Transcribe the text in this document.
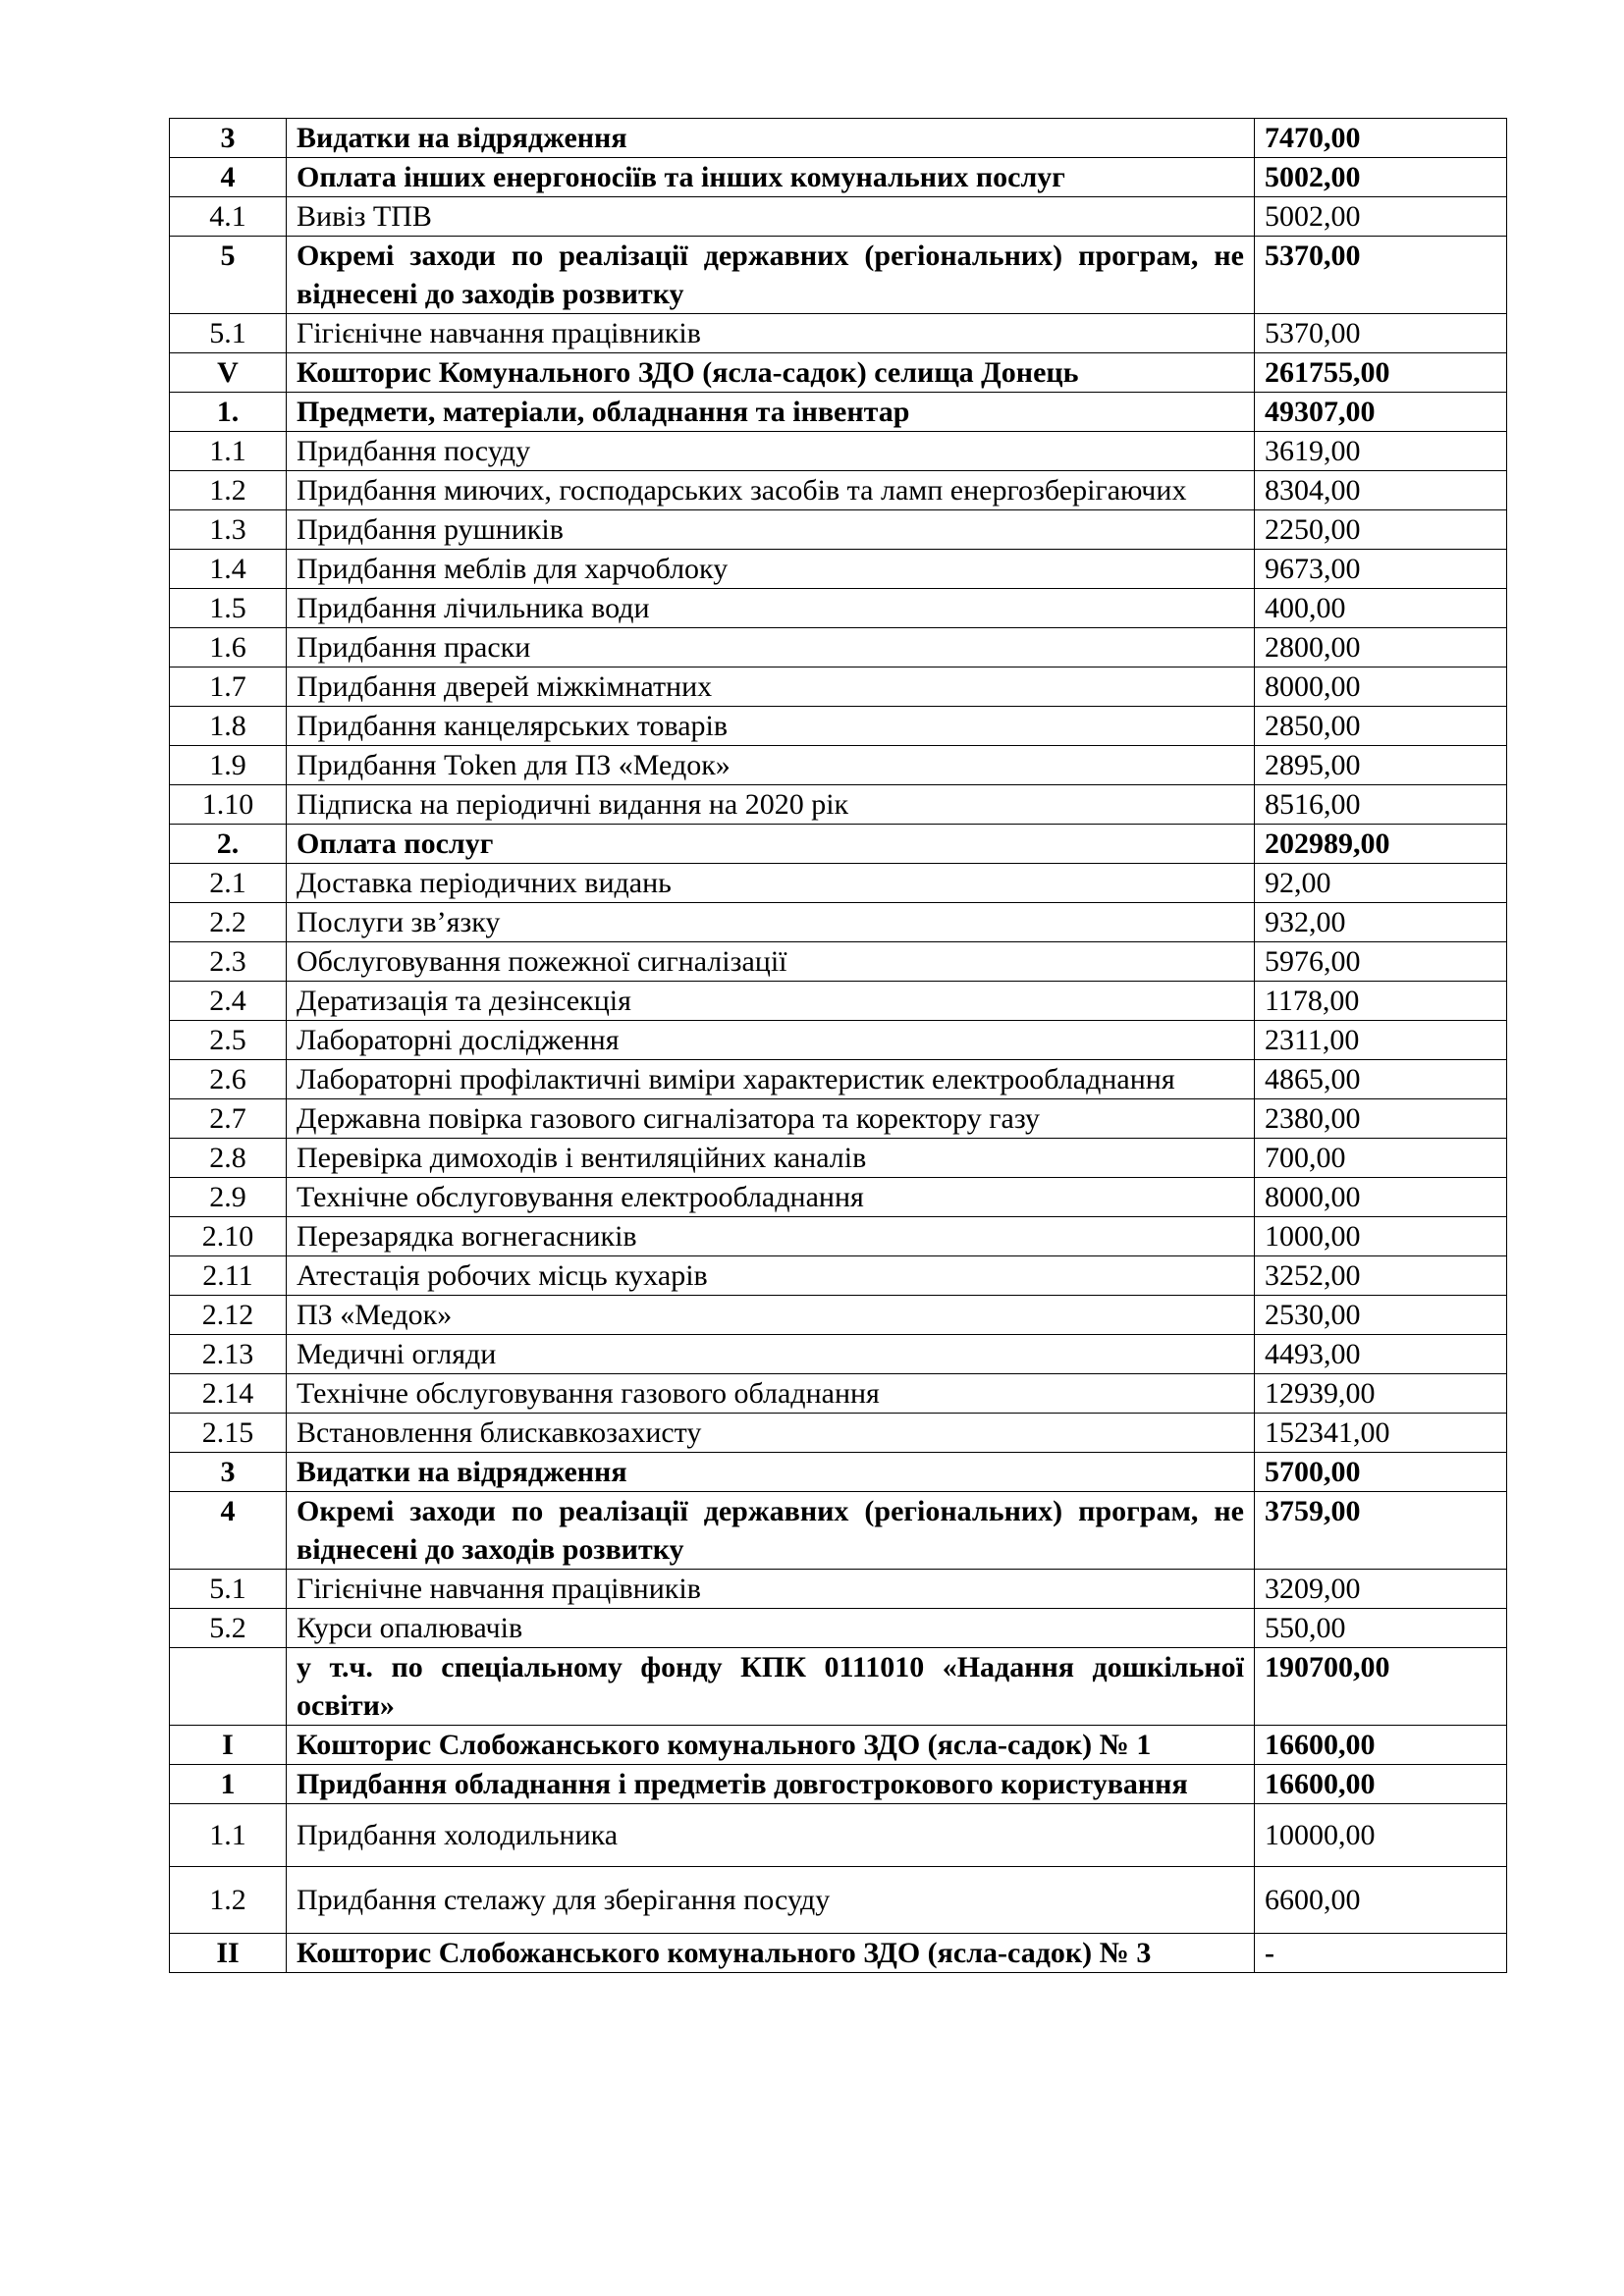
3	Видатки на відрядження	7470,00
4	Оплата інших енергоносіїв та інших комунальних послуг	5002,00
4.1	Вивіз ТПВ	5002,00
5	Окремі заходи по реалізації державних (регіональних) програм, не віднесені до заходів розвитку	5370,00
5.1	Гігієнічне навчання працівників	5370,00
V	Кошторис Комунального ЗДО (ясла-садок) селища Донець	261755,00
1.	Предмети, матеріали, обладнання та інвентар	49307,00
1.1	Придбання посуду	3619,00
1.2	Придбання миючих, господарських засобів та ламп енергозберігаючих	8304,00
1.3	Придбання рушників	2250,00
1.4	Придбання меблів для харчоблоку	9673,00
1.5	Придбання лічильника води	400,00
1.6	Придбання праски	2800,00
1.7	Придбання дверей міжкімнатних	8000,00
1.8	Придбання канцелярських товарів	2850,00
1.9	Придбання Token для ПЗ «Медок»	2895,00
1.10	Підписка на періодичні видання на 2020 рік	8516,00
2.	Оплата послуг	202989,00
2.1	Доставка періодичних видань	92,00
2.2	Послуги зв’язку	932,00
2.3	Обслуговування пожежної сигналізації	5976,00
2.4	Дератизація та дезінсекція	1178,00
2.5	Лабораторні дослідження	2311,00
2.6	Лабораторні профілактичні виміри характеристик електрообладнання	4865,00
2.7	Державна повірка газового сигналізатора та коректору газу	2380,00
2.8	Перевірка димоходів і вентиляційних каналів	700,00
2.9	Технічне обслуговування електрообладнання	8000,00
2.10	Перезарядка вогнегасників	1000,00
2.11	Атестація робочих місць кухарів	3252,00
2.12	ПЗ «Медок»	2530,00
2.13	Медичні огляди	4493,00
2.14	Технічне обслуговування газового обладнання	12939,00
2.15	Встановлення блискавкозахисту	152341,00
3	Видатки на відрядження	5700,00
4	Окремі заходи по реалізації державних (регіональних) програм, не віднесені до заходів розвитку	3759,00
5.1	Гігієнічне навчання працівників	3209,00
5.2	Курси опалювачів	550,00
	у т.ч. по спеціальному фонду КПК 0111010 «Надання дошкільної освіти»	190700,00
I	Кошторис Слобожанського комунального ЗДО (ясла-садок) № 1	16600,00
1	Придбання обладнання і предметів довгострокового користування	16600,00
1.1	Придбання холодильника	10000,00
1.2	Придбання стелажу для зберігання посуду	6600,00
II	Кошторис Слобожанського комунального ЗДО (ясла-садок) № 3	-
